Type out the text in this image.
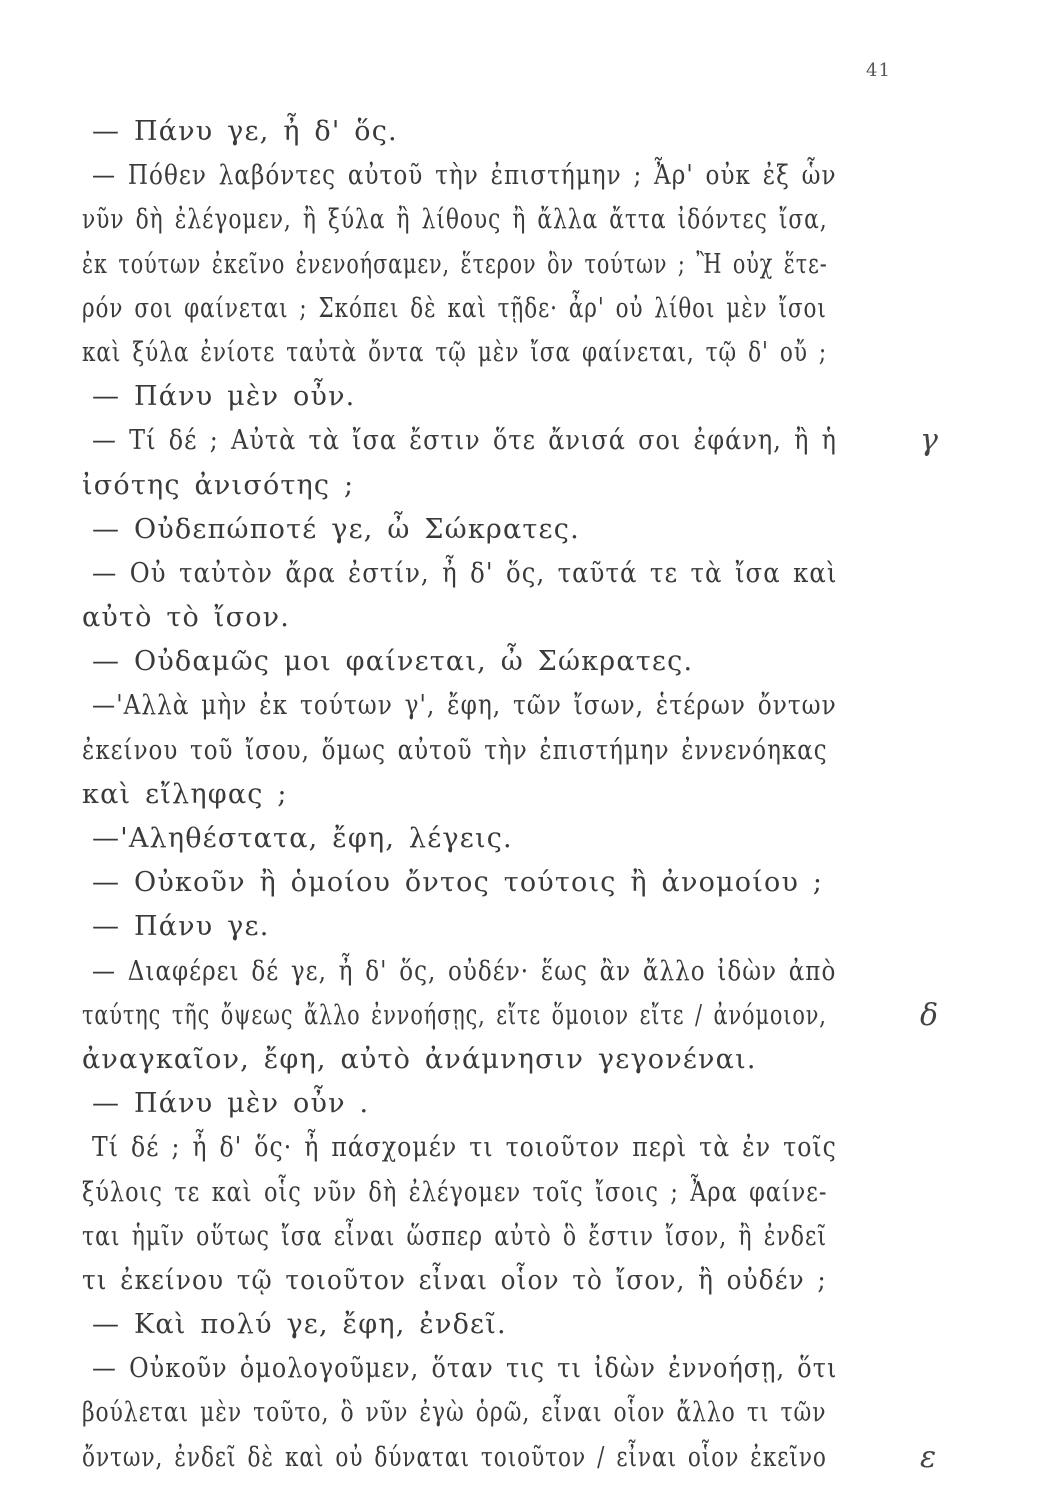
41
— Πάνυ γε, ἦ δ' ὅς.
— Πόθεν λαβόντες αὐτοῦ τὴν ἐπιστήμην ; Ἆρ' οὐκ ἐξ ὧν
νῦν δὴ ἐλέγομεν, ἢ ξύλα ἢ λίθους ἢ ἄλλα ἄττα ἰδόντες ἴσα,
ἐκ τούτων ἐκεῖνο ἐνενοήσαμεν, ἕτερον ὂν τούτων ; Ἢ οὐχ ἕτε-
ρόν σοι φαίνεται ; Σκόπει δὲ καὶ τῇδε· ἆρ' οὐ λίθοι μὲν ἴσοι
καὶ ξύλα ἐνίοτε ταὐτὰ ὄντα τῷ μὲν ἴσα φαίνεται, τῷ δ' οὔ ;
— Πάνυ μὲν οὖν.
— Τί δέ ; Αὐτὰ τὰ ἴσα ἔστιν ὅτε ἄνισά σοι ἐφάνη, ἢ ἡ	γ
ἰσότης ἀνισότης ;
— Οὐδεπώποτέ γε, ὦ Σώκρατες.
— Οὐ ταὐτὸν ἄρα ἐστίν, ἦ δ' ὅς, ταῦτά τε τὰ ἴσα καὶ
αὐτὸ τὸ ἴσον.
— Οὐδαμῶς μοι φαίνεται, ὦ Σώκρατες.
—'Αλλὰ μὴν ἐκ τούτων γ', ἔφη, τῶν ἴσων, ἑτέρων ὄντων
ἐκείνου τοῦ ἴσου, ὅμως αὐτοῦ τὴν ἐπιστήμην ἐννενόηκας
καὶ εἴληφας ;
—'Αληθέστατα, ἔφη, λέγεις.
— Οὐκοῦν ἢ ὁμοίου ὄντος τούτοις ἢ ἀνομοίου ;
— Πάνυ γε.
— Διαφέρει δέ γε, ἦ δ' ὅς, οὐδέν· ἕως ἂν ἄλλο ἰδὼν ἀπὸ
ταύτης τῆς ὄψεως ἄλλο ἐννοήσῃς, εἴτε ὅμοιον εἴτε / ἀνόμοιον,	δ
ἀναγκαῖον, ἔφη, αὐτὸ ἀνάμνησιν γεγονέναι.
— Πάνυ μὲν οὖν .
Τί δέ ; ἦ δ' ὅς· ἦ πάσχομέν τι τοιοῦτον περὶ τὰ ἐν τοῖς
ξύλοις τε καὶ οἷς νῦν δὴ ἐλέγομεν τοῖς ἴσοις ; Ἆρα φαίνε-
ται ἡμῖν οὕτως ἴσα εἶναι ὥσπερ αὐτὸ ὃ ἔστιν ἴσον, ἢ ἐνδεῖ
τι ἐκείνου τῷ τοιοῦτον εἶναι οἷον τὸ ἴσον, ἢ οὐδέν ;
— Καὶ πολύ γε, ἔφη, ἐνδεῖ.
— Οὐκοῦν ὁμολογοῦμεν, ὅταν τις τι ἰδὼν ἐννοήσῃ, ὅτι
βούλεται μὲν τοῦτο, ὃ νῦν ἐγὼ ὁρῶ, εἶναι οἷον ἄλλο τι τῶν
ὄντων, ἐνδεῖ δὲ καὶ οὐ δύναται τοιοῦτον / εἶναι οἷον ἐκεῖνο	ε
